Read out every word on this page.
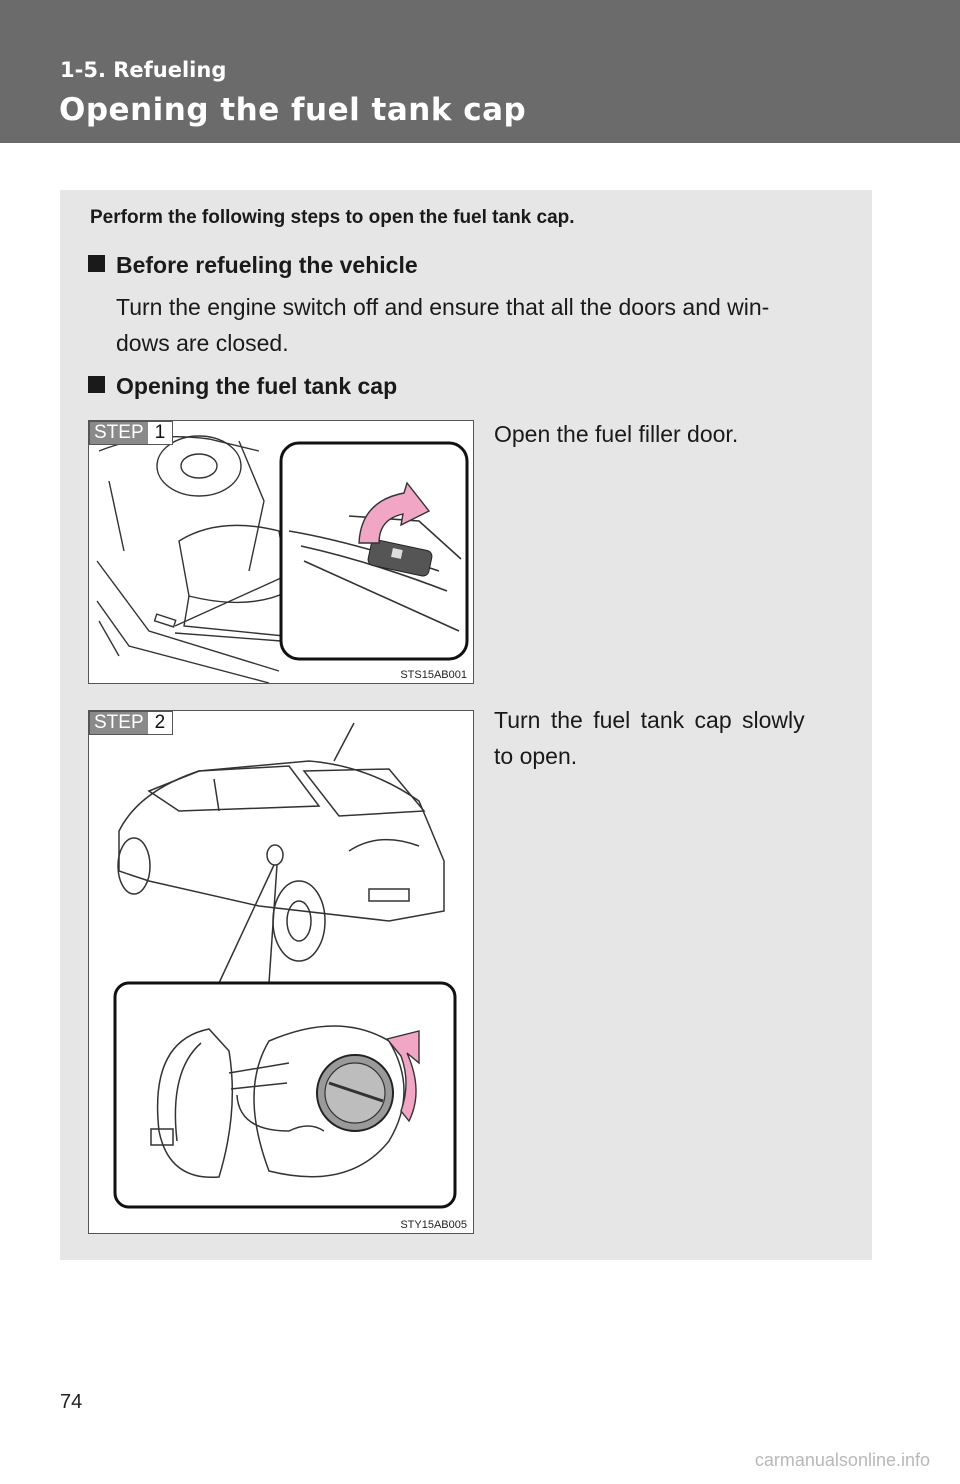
1-5. Refueling
Opening the fuel tank cap
Perform the following steps to open the fuel tank cap.
Before refueling the vehicle
Turn the engine switch off and ensure that all the doors and win-
dows are closed.
Opening the fuel tank cap
STEP 1
STS15AB001
Open the fuel filler door.
STEP 2
STY15AB005
Turn the fuel tank cap slowly
to open.
74
carmanualsonline.info
